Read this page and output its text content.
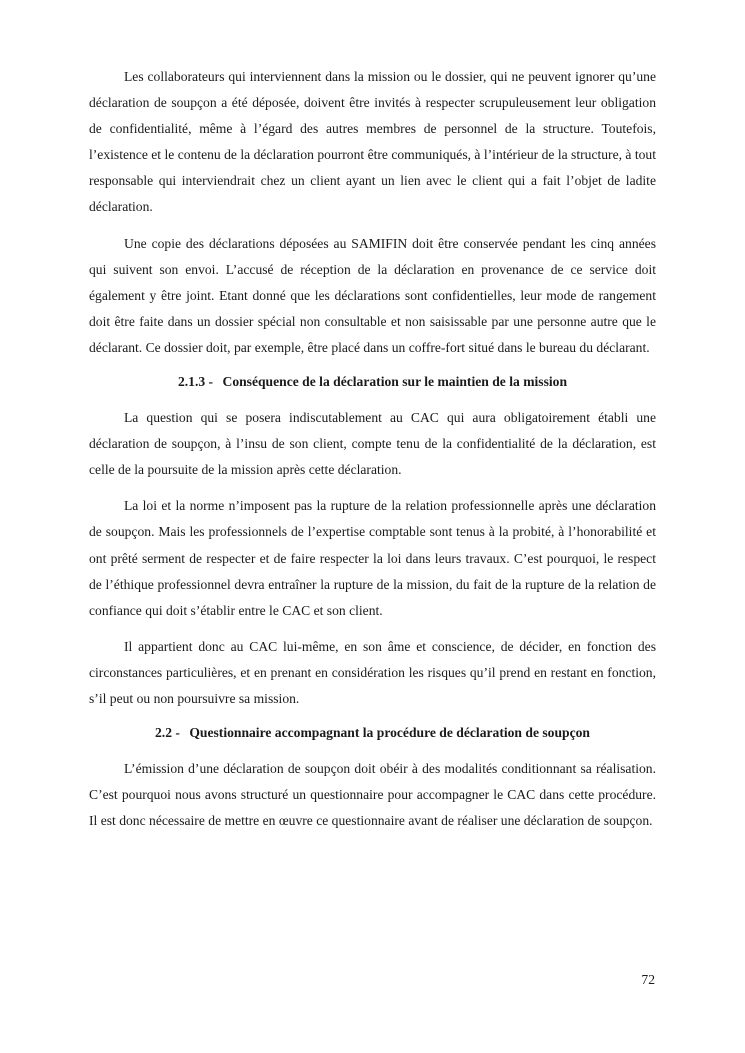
Les collaborateurs qui interviennent dans la mission ou le dossier, qui ne peuvent ignorer qu’une déclaration de soupçon a été déposée, doivent être invités à respecter scrupuleusement leur obligation de confidentialité, même à l’égard des autres membres de personnel de la structure. Toutefois, l’existence et le contenu de la déclaration pourront être communiqués, à l’intérieur de la structure, à tout responsable qui interviendrait chez un client ayant un lien avec le client qui a fait l’objet de ladite déclaration.

Une copie des déclarations déposées au SAMIFIN doit être conservée pendant les cinq années qui suivent son envoi. L’accusé de réception de la déclaration en provenance de ce service doit également y être joint. Etant donné que les déclarations sont confidentielles, leur mode de rangement doit être faite dans un dossier spécial non consultable et non saisissable par une personne autre que le déclarant. Ce dossier doit, par exemple, être placé dans un coffre-fort situé dans le bureau du déclarant.

2.1.3 - Conséquence de la déclaration sur le maintien de la mission

La question qui se posera indiscutablement au CAC qui aura obligatoirement établi une déclaration de soupçon, à l’insu de son client, compte tenu de la confidentialité de la déclaration, est celle de la poursuite de la mission après cette déclaration.

La loi et la norme n’imposent pas la rupture de la relation professionnelle après une déclaration de soupçon. Mais les professionnels de l’expertise comptable sont tenus à la probité, à l’honorabilité et ont prêté serment de respecter et de faire respecter la loi dans leurs travaux. C’est pourquoi, le respect de l’éthique professionnel devra entraîner la rupture de la mission, du fait de la rupture de la relation de confiance qui doit s’établir entre le CAC et son client.

Il appartient donc au CAC lui-même, en son âme et conscience, de décider, en fonction des circonstances particulières, et en prenant en considération les risques qu’il prend en restant en fonction, s’il peut ou non poursuivre sa mission.

2.2 - Questionnaire accompagnant la procédure de déclaration de soupçon

L’émission d’une déclaration de soupçon doit obéir à des modalités conditionnant sa réalisation. C’est pourquoi nous avons structuré un questionnaire pour accompagner le CAC dans cette procédure. Il est donc nécessaire de mettre en œuvre ce questionnaire avant de réaliser une déclaration de soupçon.

72
